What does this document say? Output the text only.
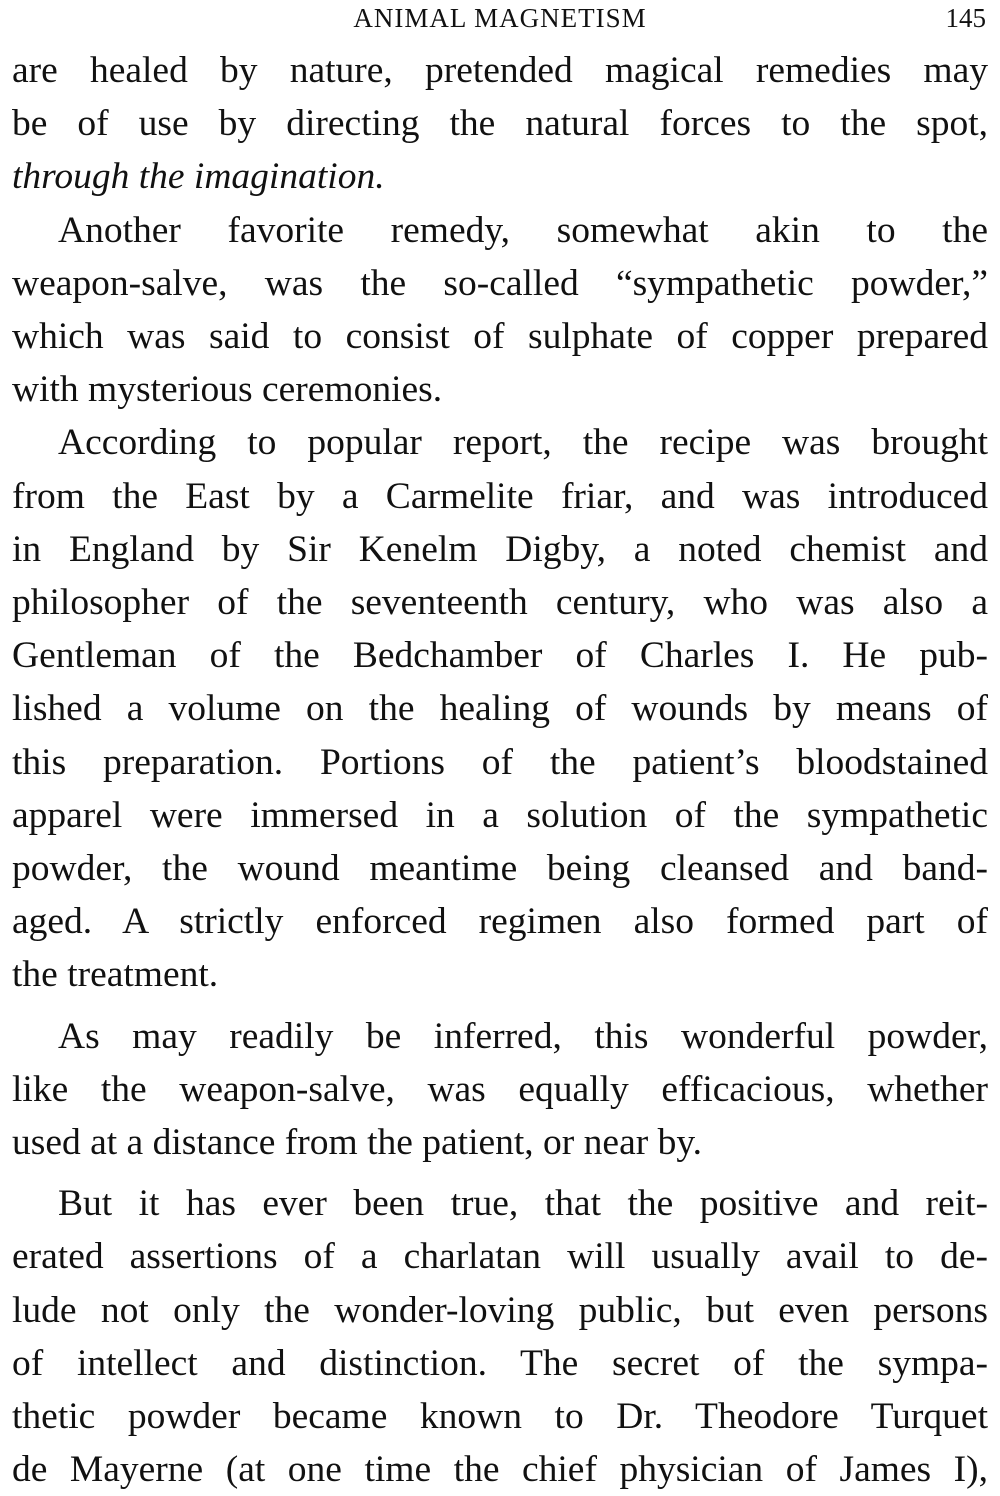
ANIMAL MAGNETISM	145

are healed by nature, pretended magical remedies may
be of use by directing the natural forces to the spot,
through the imagination.

Another favorite remedy, somewhat akin to the
weapon-salve, was the so-called “sympathetic powder,”
which was said to consist of sulphate of copper prepared
with mysterious ceremonies.

According to popular report, the recipe was brought
from the East by a Carmelite friar, and was introduced
in England by Sir Kenelm Digby, a noted chemist and
philosopher of the seventeenth century, who was also a
Gentleman of the Bedchamber of Charles I. He pub-
lished a volume on the healing of wounds by means of
this preparation. Portions of the patient’s bloodstained
apparel were immersed in a solution of the sympathetic
powder, the wound meantime being cleansed and band-
aged. A strictly enforced regimen also formed part of
the treatment.

As may readily be inferred, this wonderful powder,
like the weapon-salve, was equally efficacious, whether
used at a distance from the patient, or near by.

But it has ever been true, that the positive and reit-
erated assertions of a charlatan will usually avail to de-
lude not only the wonder-loving public, but even persons
of intellect and distinction. The secret of the sympa-
thetic powder became known to Dr. Theodore Turquet
de Mayerne (at one time the chief physician of James I),
